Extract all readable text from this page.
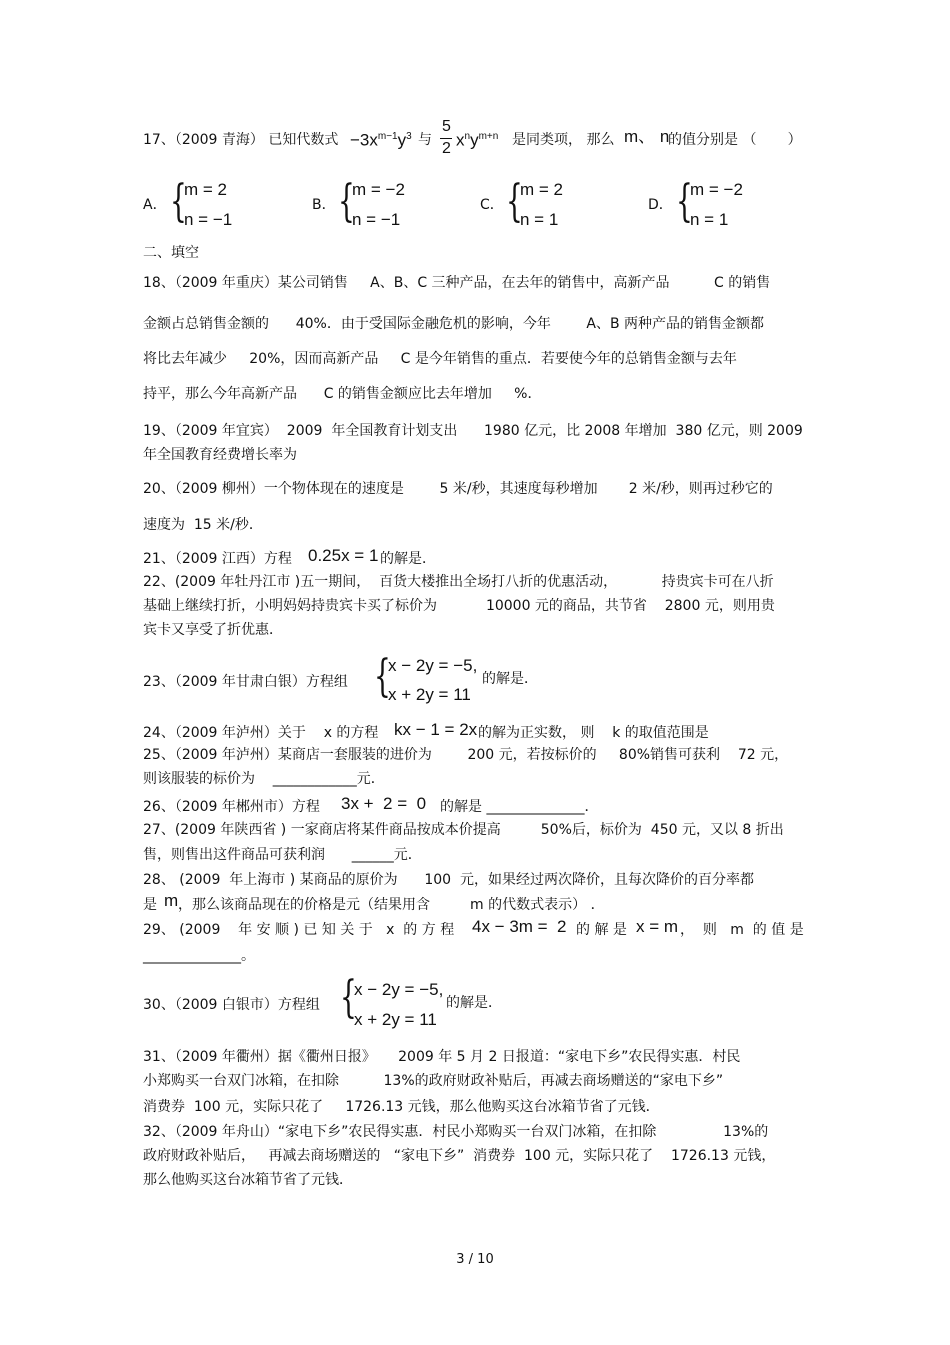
17、（2009 青海） 已知代数式 $-3x^{m-1}y^3$ 与
5
2 $x^ny^{m+n}$ 是同类项， 那么 m、 n
的值分别是 （       ）
A． {
m = 2
n = −1
B． {
m = −2
n = −1
C． {
m = 2
n = 1
D． {
m = −2
n = 1
二、填空
18、（2009 年重庆）某公司销售     A、B、C 三种产品，在去年的销售中，高新产品          C 的销售
金额占总销售金额的      40%．由于受国际金融危机的影响，今年        A、B 两种产品的销售金额都
将比去年减少     20%，因而高新产品     C 是今年销售的重点．若要使今年的总销售金额与去年
持平，那么今年高新产品      C 的销售金额应比去年增加     %．
19、（2009 年宜宾）  2009  年全国教育计划支出      1980 亿元，比 2008 年增加  380 亿元，则 2009
年全国教育经费增长率为
20、（2009 柳州）一个物体现在的速度是        5 米/秒，其速度每秒增加       2 米/秒，则再过秒它的
速度为  15 米/秒．
21、（2009 江西）方程 0.25x = 1 的解是．
22、(2009 年牡丹江市 )五一期间，  百货大楼推出全场打八折的优惠活动，          持贵宾卡可在八折
基础上继续打折，小明妈妈持贵宾卡买了标价为           10000 元的商品，共节省    2800 元，则用贵
宾卡又享受了折优惠．
23、（2009 年甘肃白银）方程组 {
x − 2y = −5,
x + 2y = 11
的解是．
24、（2009 年泸州）关于    x 的方程 kx − 1 = 2x 的解为正实数， 则    k 的取值范围是
25、（2009 年泸州）某商店一套服装的进价为        200 元，若按标价的     80%销售可获利    72 元，
则该服装的标价为    ____________元．
26、（2009 年郴州市）方程 3x +  2 =  0 的解是 ______________．
27、(2009 年陕西省 ) 一家商店将某件商品按成本价提高         50%后，标价为  450 元，又以 8 折出
售，则售出这件商品可获利润      ______元．
28、 (2009  年上海市 ) 某商品的原价为      100  元，如果经过两次降价，且每次降价的百分率都
是 m ，那么该商品现在的价格是元（结果用含         m 的代数式表示） ．
29、 (2009    年 安 顺 ) 已 知 关 于   x  的 方 程 4x − 3m =  2 的 解 是 x = m ，  则   m  的 值 是
______________。
30、（2009 白银市）方程组 {
x − 2y = −5,
x + 2y = 11
的解是．
31、（2009 年衢州）据《衢州日报》     2009 年 5 月 2 日报道：“家电下乡”农民得实惠．村民
小郑购买一台双门冰箱，在扣除          13%的政府财政补贴后，再减去商场赠送的“家电下乡”
消费券  100 元，实际只花了     1726.13 元钱，那么他购买这台冰箱节省了元钱．
32、（2009 年舟山）“家电下乡”农民得实惠．村民小郑购买一台双门冰箱，在扣除               13%的
政府财政补贴后，   再减去商场赠送的   “家电下乡”  消费券  100 元，实际只花了    1726.13 元钱，
那么他购买这台冰箱节省了元钱．
3 / 10
